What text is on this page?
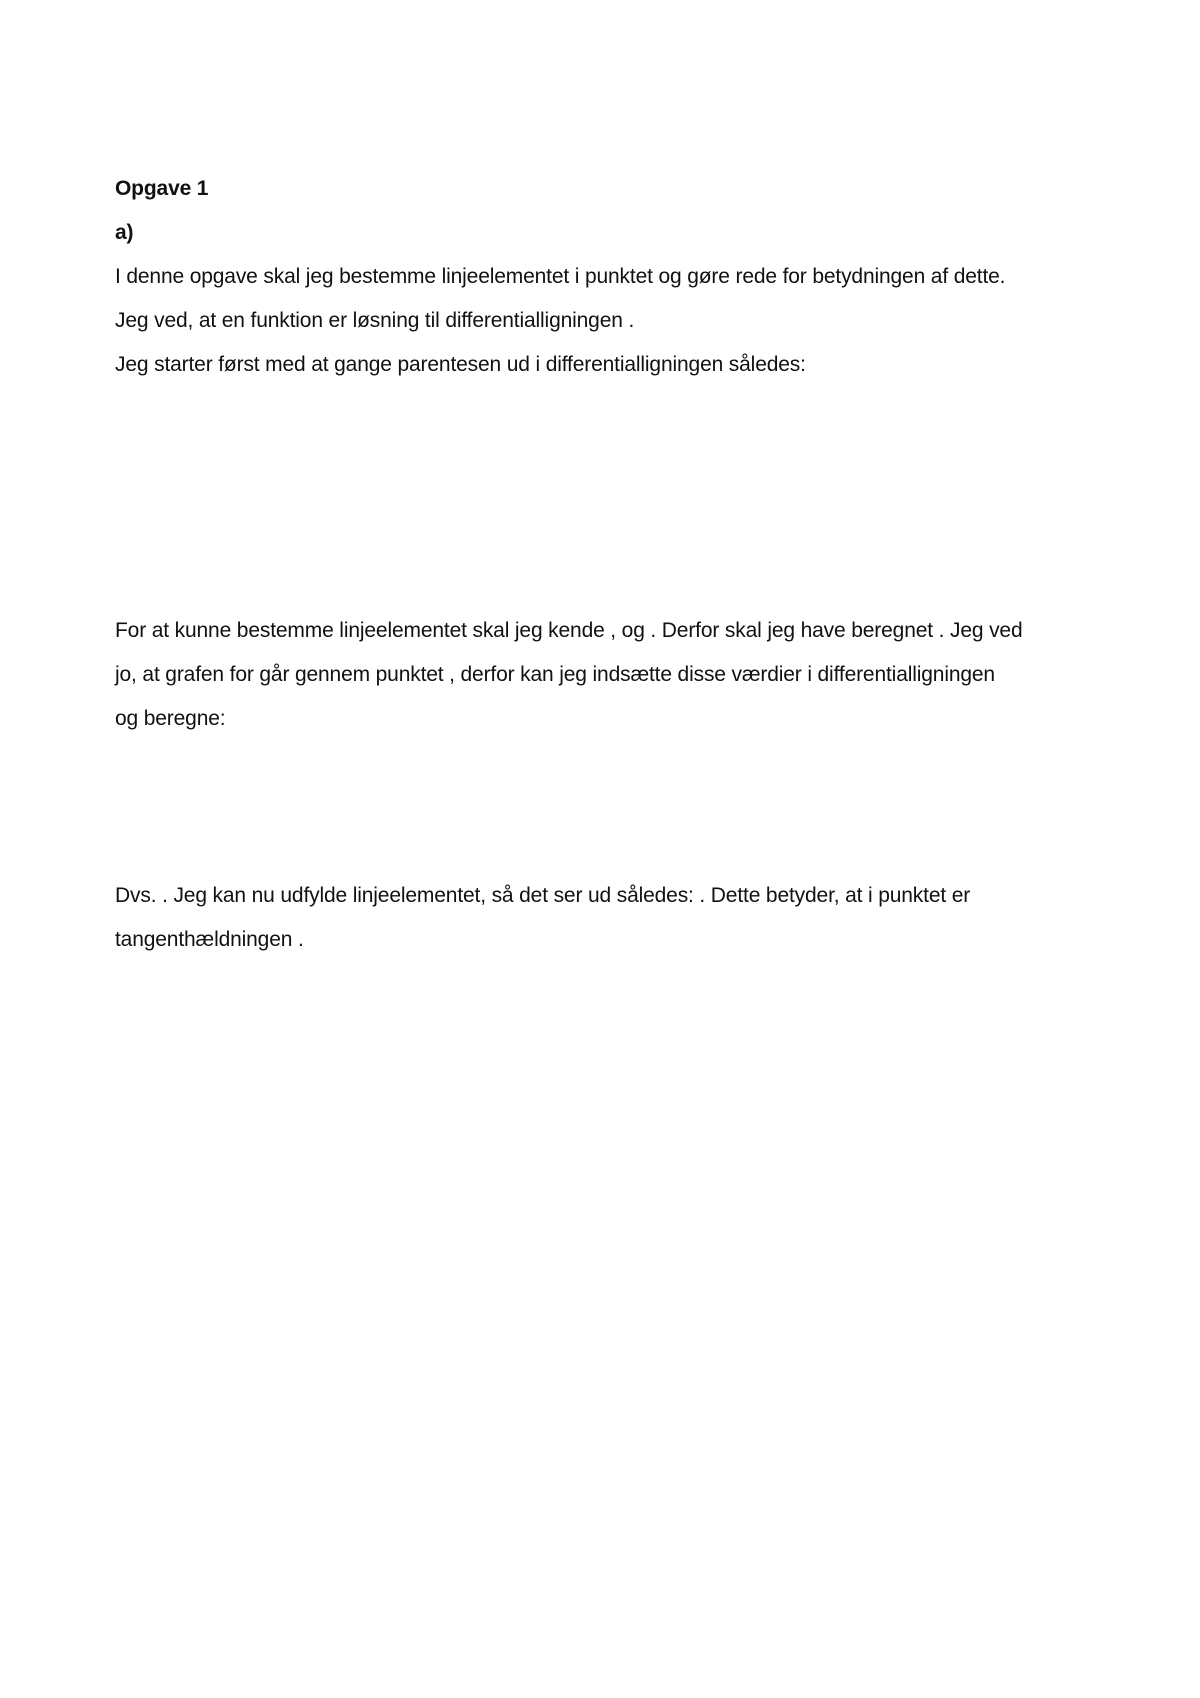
Opgave 1
a)
I denne opgave skal jeg bestemme linjeelementet i punktet og gøre rede for betydningen af dette.
Jeg ved, at en funktion er løsning til differentialligningen .
Jeg starter først med at gange parentesen ud i differentialligningen således:
For at kunne bestemme linjeelementet skal jeg kende , og . Derfor skal jeg have beregnet . Jeg ved
jo, at grafen for går gennem punktet , derfor kan jeg indsætte disse værdier i differentialligningen
og beregne:
Dvs. . Jeg kan nu udfylde linjeelementet, så det ser ud således: . Dette betyder, at i punktet er
tangenthældningen .
